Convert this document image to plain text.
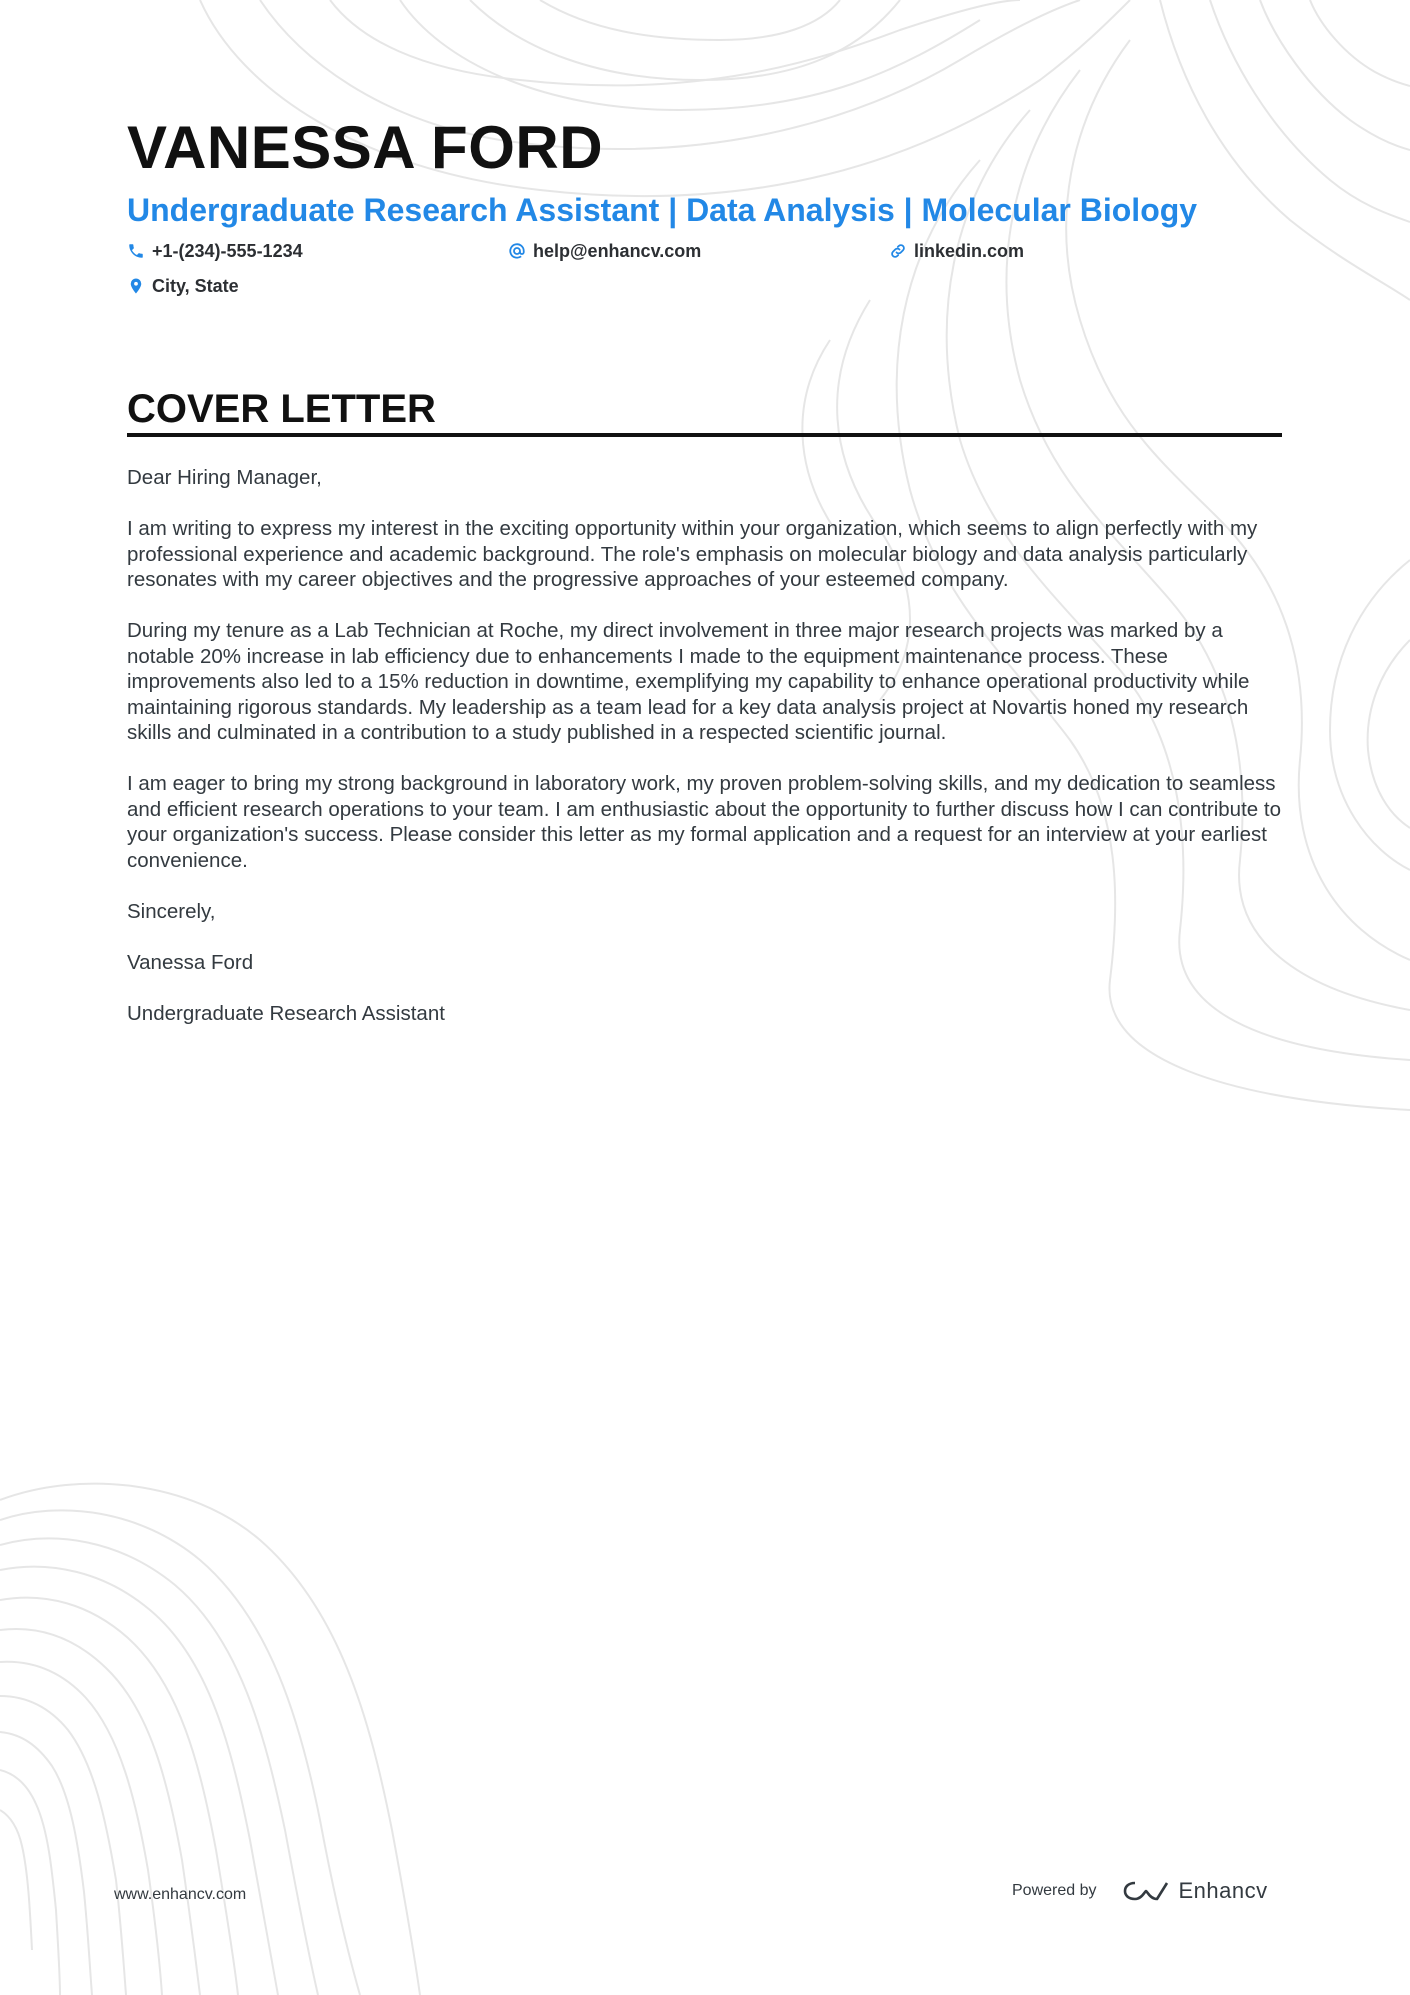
VANESSA FORD
Undergraduate Research Assistant | Data Analysis | Molecular Biology
+1-(234)-555-1234	help@enhancv.com	linkedin.com
City, State
COVER LETTER

Dear Hiring Manager,

I am writing to express my interest in the exciting opportunity within your organization, which seems to align perfectly with my professional experience and academic background. The role's emphasis on molecular biology and data analysis particularly resonates with my career objectives and the progressive approaches of your esteemed company.

During my tenure as a Lab Technician at Roche, my direct involvement in three major research projects was marked by a notable 20% increase in lab efficiency due to enhancements I made to the equipment maintenance process. These improvements also led to a 15% reduction in downtime, exemplifying my capability to enhance operational productivity while maintaining rigorous standards. My leadership as a team lead for a key data analysis project at Novartis honed my research skills and culminated in a contribution to a study published in a respected scientific journal.

I am eager to bring my strong background in laboratory work, my proven problem-solving skills, and my dedication to seamless and efficient research operations to your team. I am enthusiastic about the opportunity to further discuss how I can contribute to your organization's success. Please consider this letter as my formal application and a request for an interview at your earliest convenience.

Sincerely,

Vanessa Ford

Undergraduate Research Assistant

www.enhancv.com	Powered by	Enhancv
